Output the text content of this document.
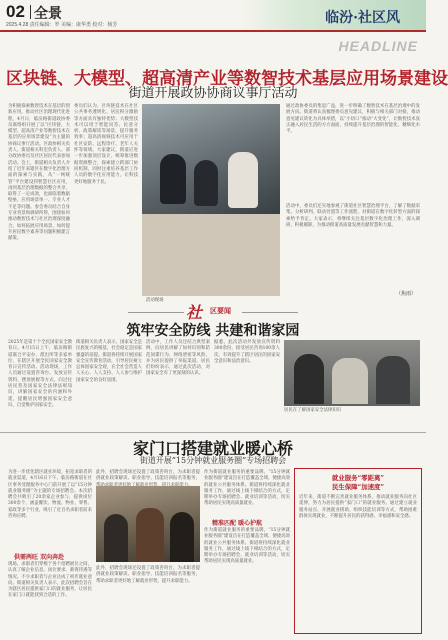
02 全景
2025.4.28 责任编辑：罗 美编：康华勇 校对：杨芳	临汾·社区风
HEADLINE
区块链、大模型、超高清产业等数智技术基层应用场景建设
街道开展政协协商议事厅活动
为积极探索数智技术在基层的创新应用，推动社区治理现代化进程，4月日，临汾路街道政协委员联络组开展了以“区块链、大模型、超高清产业等数智技术在基层的应用场景建设”为主题的协商议事厅活动。区政协相关负责人、街道相关科室负责人、部分政协委员及社区居民代表参加活动。会上，街道相关负责人介绍了近年来辖区在数字化治理方面的探索与实践，从“一网统管”平台建设到智慧社区应用，再到基层治理数据的整合共享，取得了一定成效，也面临着数据壁垒、应用场景单一、专业人才不足等问题。参会委员结合自身专业背景和调研所得，围绕如何推动数智技术与社区治理深度融合、如何拓展应用场景、如何提升居民数字素养等问题积极建言献策。
委员们认为，区块链技术在社区公共事务透明化、居民积分激励等方面具有独特优势；大模型技术可以用于智能问答、民意分析、政策解读等场景，提升服务效率；超高清视频技术可应用于社区安防、远程诊疗、老年人关怀等领域。大家建议，街道应进一步加强顶层设计，统筹推进数据资源整合，探索建立跨部门协同机制，同时注重培养基层工作人员的数字化应用能力，让科技更好地服务于民。
活动现场
通过政协委员的集思广益，进一步明确了数智技术在基层治理中的发展方向。街道将认真梳理委员意见建议，积极与相关部门对接，推动意见建议转化为具体举措，以“小切口”推动“大变化”，让数智技术真正融入居民生活的方方面面，持续提升基层治理的智能化、精细化水平。
活动中，委员们还实地参观了街道社区智慧治理平台，了解了数据采集、分析研判、联动处置等工作流程，对街道在数字化转型方面的探索给予肯定。大家表示，将继续关注基层数字化治理工作，深入调研，积极履职，为推动街道高质量发展贡献智慧和力量。
（焦雨）
社 区要闻
筑牢安全防线 共建和谐家园
2025年是第十个全民国家安全教育日。4月15日上午，临汾路街道联合平安办、派出所等多家单位，在辖区开展全民国家安全教育日宣传活动。活动现场，工作人员通过设置咨询台、发放宣传资料、摆放展板等方式，向过往居民普及国家安全法律法规知识，讲解国家安全的内涵和外延，提醒居民增强国家安全意识，自觉维护国家安全。
街道相关负责人表示，国家安全是民族复兴的根基，社会稳定是国家强盛的前提。街道将持续开展国家安全宣传教育活动，引导居民树立总体国家安全观，在全社会营造人人关心、人人支持、人人参与维护国家安全的良好氛围。
活动中，工作人员还结合典型案例，向居民讲解了如何识别和防范间谍行为、网络泄密等风险，并为居民提供了举报渠道。居民们纷纷表示，通过此次活动，对国家安全有了更深刻的认识。
据悉，此次活动共发放宣传资料300余份，接受居民咨询100余人次，有效提升了辖区居民的国家安全意识和法治意识。
居民在了解国家安全法律知识
家门口搭建就业暖心桥
街道开展“15分钟就业服务圈”专场招聘会
为进一步优化辖区就业环境，拓宽求职者的就业渠道，4月16日下午，临汾路街道在社区事务受理服务中心门前开展了以“15分钟就业服务圈”为主题的专场招聘会。本次招聘会共吸引了20余家企业参与，提供岗位300余个，涵盖餐饮、物流、物业、零售、家政等多个行业，吸引了近百名求职者前来咨询应聘。
供需两旺 双向奔赴
现场，求职者们穿梭于各个招聘展位之间，认真了解企业信息、岗位要求、薪资待遇等情况。不少求职者与企业达成了初步就业意向。街道相关负责人表示，此次招聘会旨在为辖区居民提供家门口的就业服务，让居民在家门口就能找到合适的工作。
此外，招聘会现场还设置了政策咨询台，为求职者提供就业政策解读、职业指导、技能培训报名等服务，
此外，招聘会现场还设置了政策咨询台，为求职者提供就业政策解读、职业指导、技能培训报名等服务，帮助求职者更好地了解就业形势，提升求职能力。
作为街道就业服务的重要品牌，“15分钟就业服务圈”建设旨在打造覆盖全域、便捷高效的就业公共服务体系。街道将持续深化就业服务工作，通过线上线下相结合的方式，定期举办专场招聘会、就业培训等活动，切实帮助居民实现高质量就业。
精准匹配 暖心护航
作为街道就业服务的重要品牌，“15分钟就业服务圈”建设旨在打造覆盖全域、便捷高效的就业公共服务体系。街道将持续深化就业服务工作，通过线上线下相结合的方式，定期举办专场招聘会、就业培训等活动，切实帮助居民实现高质量就业。
就业服务“零距离”
民生保障“加速度”
近年来，街道不断完善就业服务体系，推动就业服务向社区延伸，努力为居民提供“家门口”的就业服务。通过建立就业服务站点、开展就业援助、组织技能培训等方式，帮助困难群体实现就业，不断提升居民的获得感、幸福感和安全感。
